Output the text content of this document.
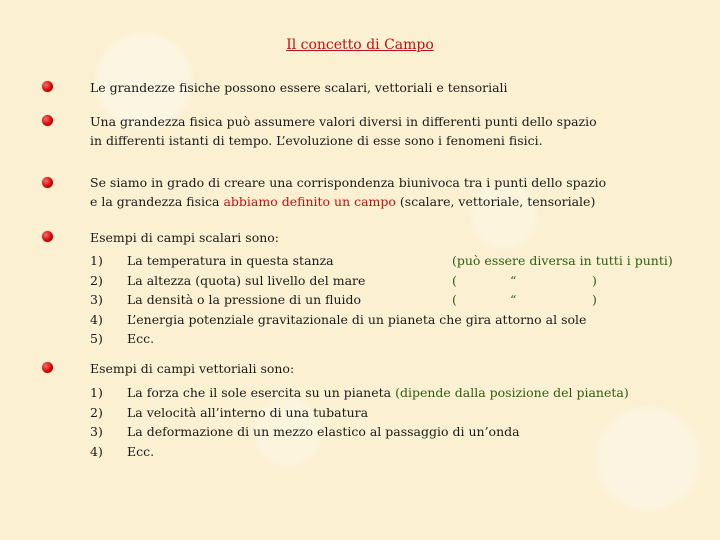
Il concetto di Campo
Le grandezze fisiche possono essere scalari, vettoriali e tensoriali
Una grandezza fisica può assumere valori diversi in differenti punti dello spazio
in differenti istanti di tempo. L’evoluzione di esse sono i fenomeni fisici.
Se siamo in grado di creare una corrispondenza biunivoca tra i punti dello spazio
e la grandezza fisica abbiamo definito un campo (scalare, vettoriale, tensoriale)
Esempi di campi scalari sono:
1) La temperatura in questa stanza	(può essere diversa in tutti i punti)
2) La altezza (quota) sul livello del mare	(	“	)
3) La densità o la pressione di un fluido	(	“	)
4) L’energia potenziale gravitazionale di un pianeta che gira attorno al sole
5) Ecc.
Esempi di campi vettoriali sono:
1) La forza che il sole esercita su un pianeta (dipende dalla posizione del pianeta)
2) La velocità all’interno di una tubatura
3) La deformazione di un mezzo elastico al passaggio di un’onda
4) Ecc.
